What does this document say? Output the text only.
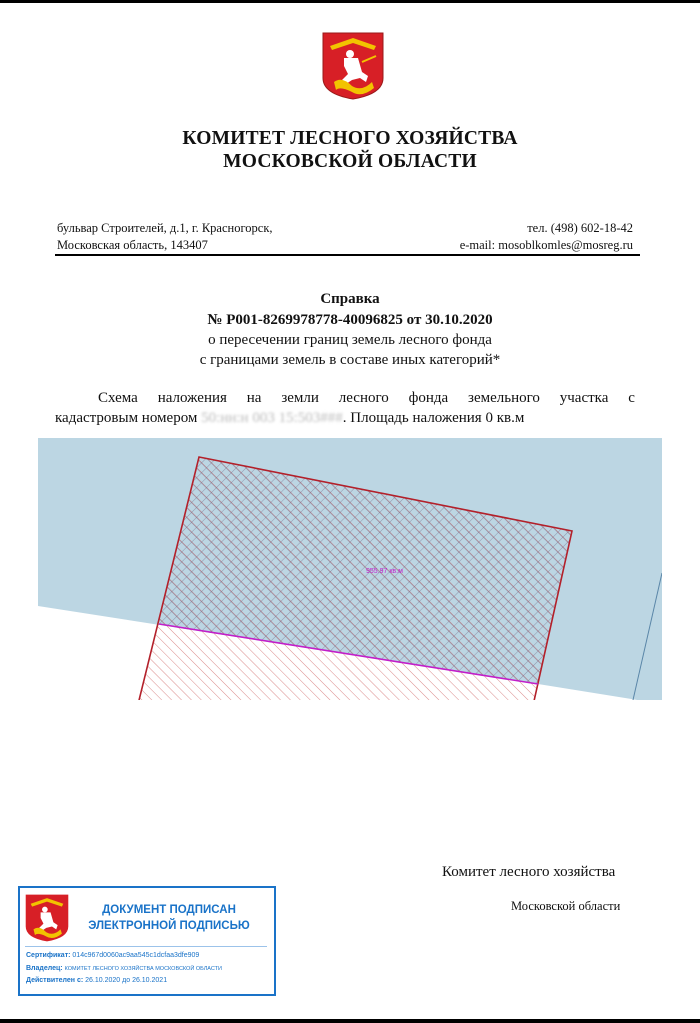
КОМИТЕТ ЛЕСНОГО ХОЗЯЙСТВА
МОСКОВСКОЙ ОБЛАСТИ
бульвар Строителей, д.1, г. Красногорск,
Московская область, 143407
тел. (498) 602-18-42
e-mail: mosoblkomles@mosreg.ru
Справка
№ P001-8269978778-40096825 от 30.10.2020
о пересечении границ земель лесного фонда
с границами земель в составе иных категорий*
Схема наложения на земли лесного фонда земельного участка с
кадастровым номером 50:нн:н 003 15:503###. Площадь наложения 0 кв.м
955.97 кв.м
Комитет лесного хозяйства
Московской области
ДОКУМЕНТ ПОДПИСАН
ЭЛЕКТРОННОЙ ПОДПИСЬЮ
Сертификат: 014c967d0060ac9aa545c1dcfaa3dfe909
Владелец: КОМИТЕТ ЛЕСНОГО ХОЗЯЙСТВА МОСКОВСКОЙ ОБЛАСТИ
Действителен с: 26.10.2020 до 26.10.2021
